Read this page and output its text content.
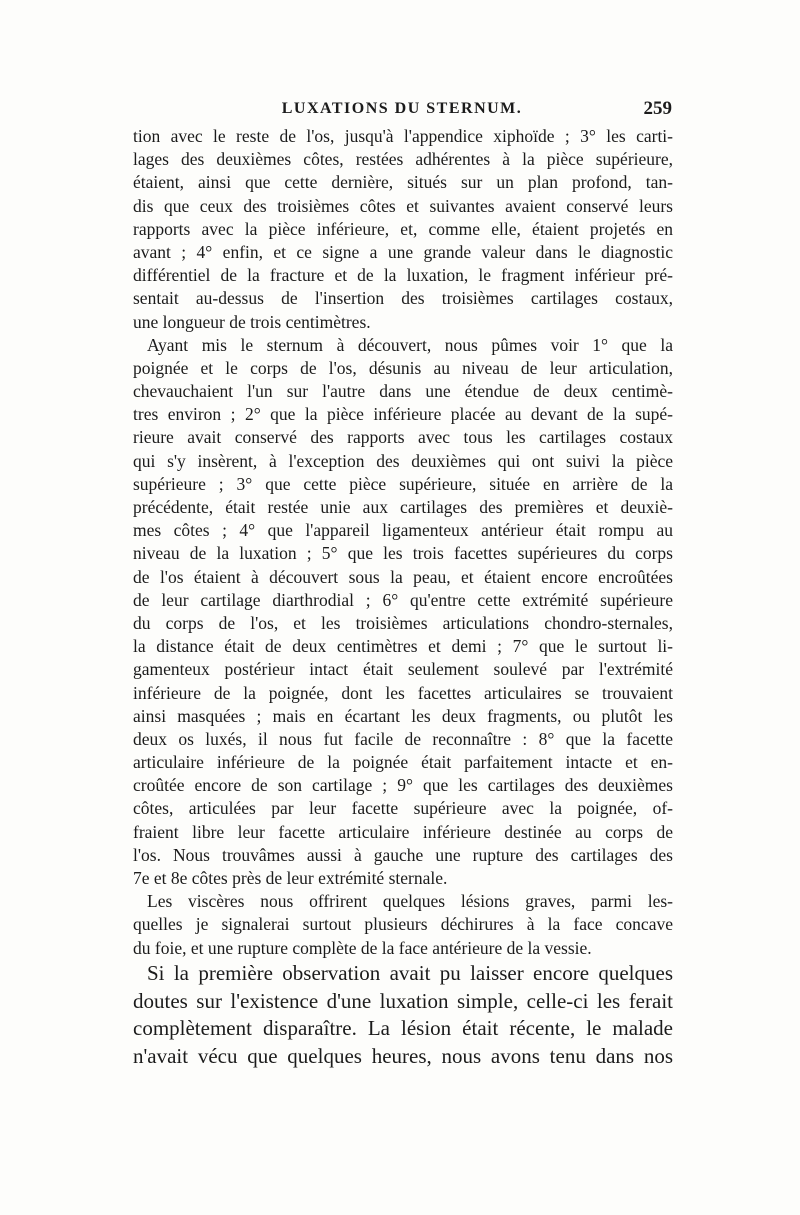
LUXATIONS DU STERNUM.	259
tion avec le reste de l'os, jusqu'à l'appendice xiphoïde ; 3° les carti-
lages des deuxièmes côtes, restées adhérentes à la pièce supérieure,
étaient, ainsi que cette dernière, situés sur un plan profond, tan-
dis que ceux des troisièmes côtes et suivantes avaient conservé leurs
rapports avec la pièce inférieure, et, comme elle, étaient projetés en
avant ; 4° enfin, et ce signe a une grande valeur dans le diagnostic
différentiel de la fracture et de la luxation, le fragment inférieur pré-
sentait au-dessus de l'insertion des troisièmes cartilages costaux,
une longueur de trois centimètres.
Ayant mis le sternum à découvert, nous pûmes voir 1° que la
poignée et le corps de l'os, désunis au niveau de leur articulation,
chevauchaient l'un sur l'autre dans une étendue de deux centimè-
tres environ ; 2° que la pièce inférieure placée au devant de la supé-
rieure avait conservé des rapports avec tous les cartilages costaux
qui s'y insèrent, à l'exception des deuxièmes qui ont suivi la pièce
supérieure ; 3° que cette pièce supérieure, située en arrière de la
précédente, était restée unie aux cartilages des premières et deuxiè-
mes côtes ; 4° que l'appareil ligamenteux antérieur était rompu au
niveau de la luxation ; 5° que les trois facettes supérieures du corps
de l'os étaient à découvert sous la peau, et étaient encore encroûtées
de leur cartilage diarthrodial ; 6° qu'entre cette extrémité supérieure
du corps de l'os, et les troisièmes articulations chondro-sternales,
la distance était de deux centimètres et demi ; 7° que le surtout li-
gamenteux postérieur intact était seulement soulevé par l'extrémité
inférieure de la poignée, dont les facettes articulaires se trouvaient
ainsi masquées ; mais en écartant les deux fragments, ou plutôt les
deux os luxés, il nous fut facile de reconnaître : 8° que la facette
articulaire inférieure de la poignée était parfaitement intacte et en-
croûtée encore de son cartilage ; 9° que les cartilages des deuxièmes
côtes, articulées par leur facette supérieure avec la poignée, of-
fraient libre leur facette articulaire inférieure destinée au corps de
l'os. Nous trouvâmes aussi à gauche une rupture des cartilages des
7e et 8e côtes près de leur extrémité sternale.
Les viscères nous offrirent quelques lésions graves, parmi les-
quelles je signalerai surtout plusieurs déchirures à la face concave
du foie, et une rupture complète de la face antérieure de la vessie.
Si la première observation avait pu laisser encore quelques
doutes sur l'existence d'une luxation simple, celle-ci les ferait
complètement disparaître. La lésion était récente, le malade
n'avait vécu que quelques heures, nous avons tenu dans nos
